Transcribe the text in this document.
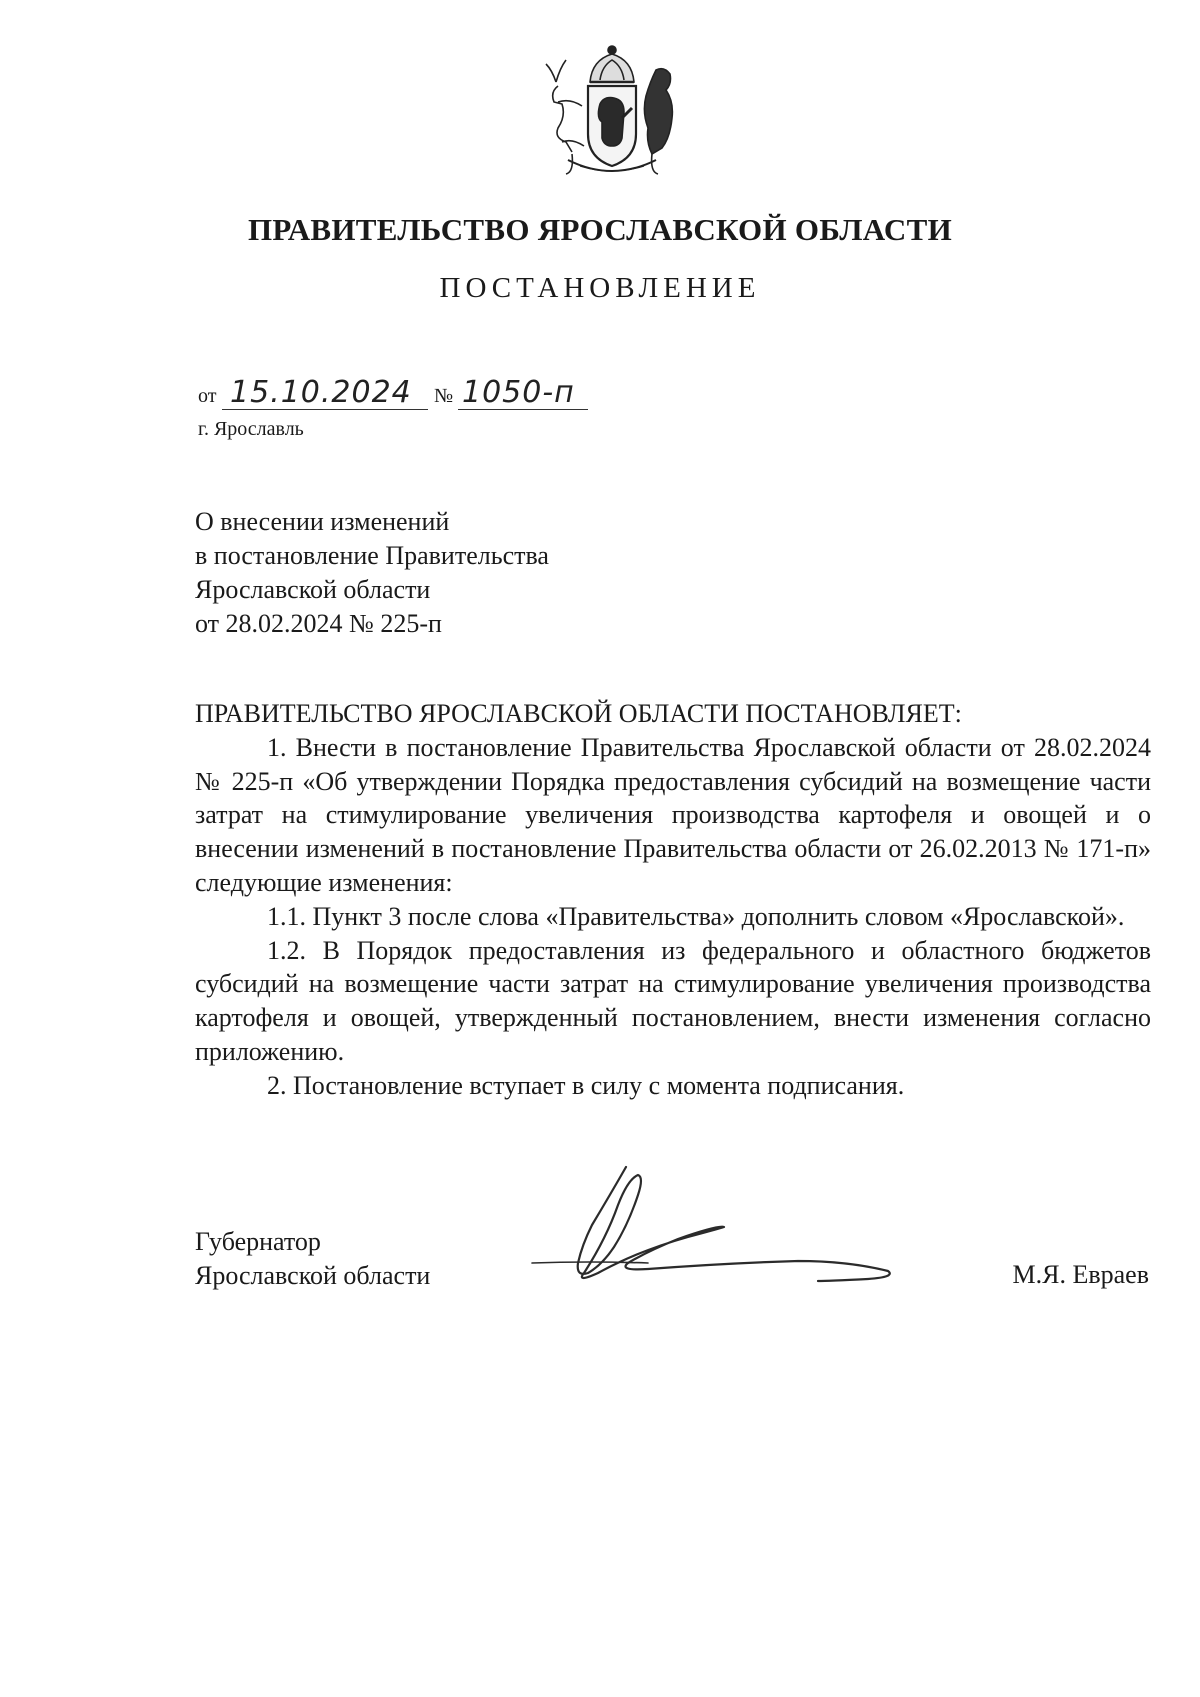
ПРАВИТЕЛЬСТВО ЯРОСЛАВСКОЙ ОБЛАСТИ
ПОСТАНОВЛЕНИЕ
от 15.10.2024 № 1050-п
г. Ярославль
О внесении изменений
в постановление Правительства
Ярославской области
от 28.02.2024 № 225-п

ПРАВИТЕЛЬСТВО ЯРОСЛАВСКОЙ ОБЛАСТИ ПОСТАНОВЛЯЕТ:

1. Внести в постановление Правительства Ярославской области от 28.02.2024 № 225-п «Об утверждении Порядка предоставления субсидий на возмещение части затрат на стимулирование увеличения производства картофеля и овощей и о внесении изменений в постановление Правительства области от 26.02.2013 № 171-п» следующие изменения:

1.1. Пункт 3 после слова «Правительства» дополнить словом «Ярославской».

1.2. В Порядок предоставления из федерального и областного бюджетов субсидий на возмещение части затрат на стимулирование увеличения производства картофеля и овощей, утвержденный постановлением, внести изменения согласно приложению.

2. Постановление вступает в силу с момента подписания.

Губернатор
Ярославской области	М.Я. Евраев
